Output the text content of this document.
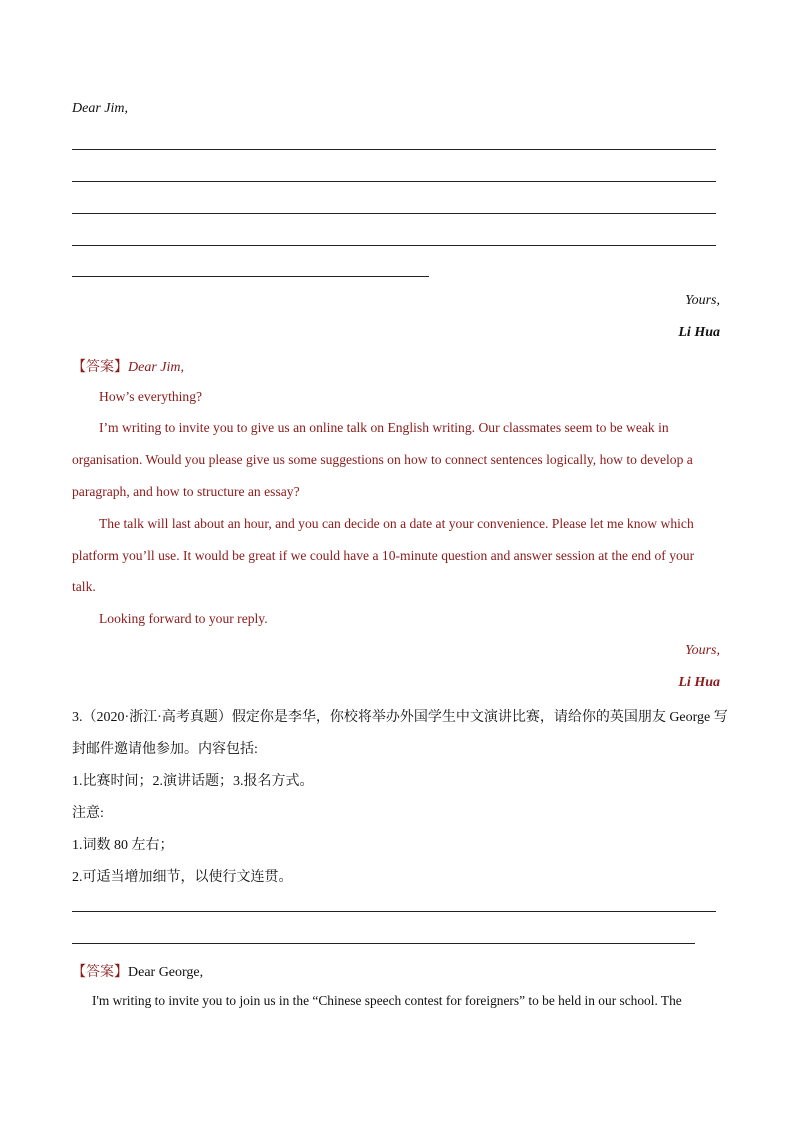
Dear Jim,
Yours,
Li Hua
【答案】Dear Jim,
How’s everything?
I’m writing to invite you to give us an online talk on English writing. Our classmates seem to be weak in
organisation. Would you please give us some suggestions on how to connect sentences logically, how to develop a
paragraph, and how to structure an essay?
The talk will last about an hour, and you can decide on a date at your convenience. Please let me know which
platform you’ll use. It would be great if we could have a 10-minute question and answer session at the end of your
talk.
Looking forward to your reply.
Yours,
Li Hua
3.（2020·浙江·高考真题）假定你是李华，你校将举办外国学生中文演讲比赛，请给你的英国朋友 George 写
封邮件邀请他参加。内容包括:
1.比赛时间；2.演讲话题；3.报名方式。
注意:
1.词数 80 左右；
2.可适当增加细节，以使行文连贯。
【答案】Dear George,
I'm writing to invite you to join us in the “Chinese speech contest for foreigners” to be held in our school. The
